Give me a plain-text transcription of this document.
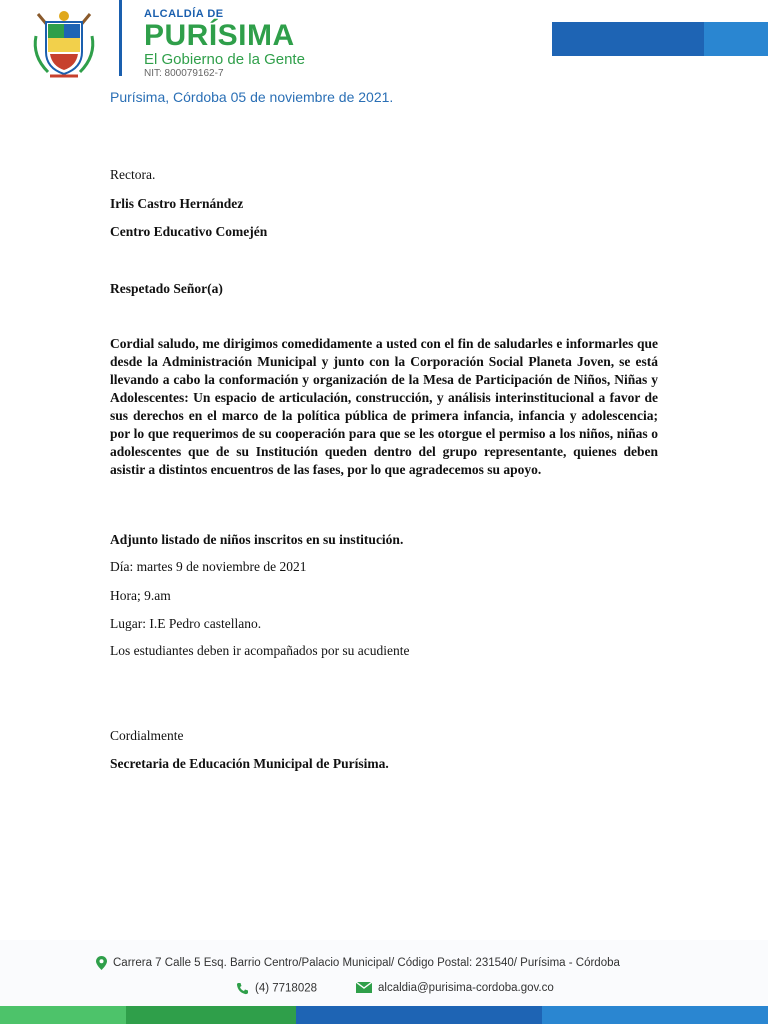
ALCALDÍA DE
PURÍSIMA
El Gobierno de la Gente
NIT: 800079162-7
Purísima, Córdoba 05 de noviembre de 2021.
Rectora.
Irlis Castro Hernández
Centro Educativo Comején
Respetado Señor(a)
Cordial saludo, me dirigimos comedidamente a usted con el fin de saludarles e informarles que desde la Administración Municipal y junto con la Corporación Social Planeta Joven, se está llevando a cabo la conformación y organización de la Mesa de Participación de Niños, Niñas y Adolescentes: Un espacio de articulación, construcción, y análisis interinstitucional a favor de sus derechos en el marco de la política pública de primera infancia, infancia y adolescencia; por lo que requerimos de su cooperación para que se les otorgue el permiso a los niños, niñas o adolescentes que de su Institución queden dentro del grupo representante, quienes deben asistir a distintos encuentros de las fases, por lo que agradecemos su apoyo.
Adjunto listado de niños inscritos en su institución.
Día: martes 9 de noviembre de 2021
Hora; 9.am
Lugar: I.E Pedro castellano.
Los estudiantes deben ir acompañados por su acudiente
Cordialmente
Secretaria de Educación Municipal de Purísima.
Carrera 7 Calle 5 Esq. Barrio Centro/Palacio Municipal/ Código Postal: 231540/ Purísima - Córdoba
(4) 7718028	alcaldia@purisima-cordoba.gov.co
